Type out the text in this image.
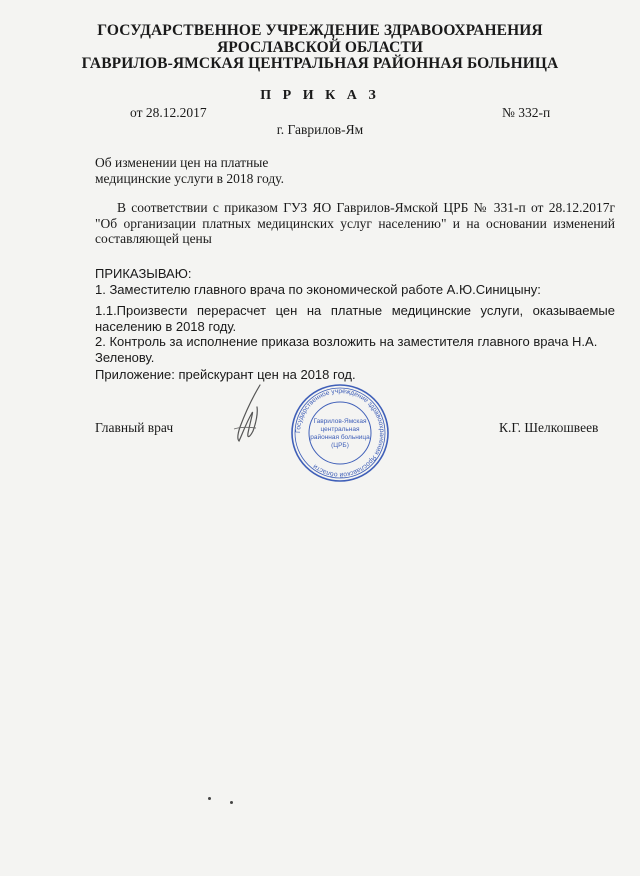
ГОСУДАРСТВЕННОЕ УЧРЕЖДЕНИЕ ЗДРАВООХРАНЕНИЯ
ЯРОСЛАВСКОЙ ОБЛАСТИ
ГАВРИЛОВ-ЯМСКАЯ ЦЕНТРАЛЬНАЯ РАЙОННАЯ БОЛЬНИЦА
П Р И К А З
от 28.12.2017	№ 332-п
г. Гаврилов-Ям
Об изменении цен на платные
медицинские услуги в 2018 году.
В соответствии с приказом ГУЗ ЯО Гаврилов-Ямской ЦРБ № 331-п от 28.12.2017г "Об организации платных медицинских услуг населению" и на основании изменений составляющей цены
ПРИКАЗЫВАЮ:
1. Заместителю главного врача по экономической работе А.Ю.Синицыну:
1.1.Произвести перерасчет цен на платные медицинские услуги, оказываемые населению в 2018 году.
2. Контроль за исполнение приказа возложить на заместителя главного врача Н.А. Зеленову.
Приложение: прейскурант цен на 2018 год.
Главный врач	К.Г. Шелкошвеев
Государственное учреждение здравоохранения Ярославской области
Гаврилов-Ямская
центральная
районная больница
(ЦРБ)
